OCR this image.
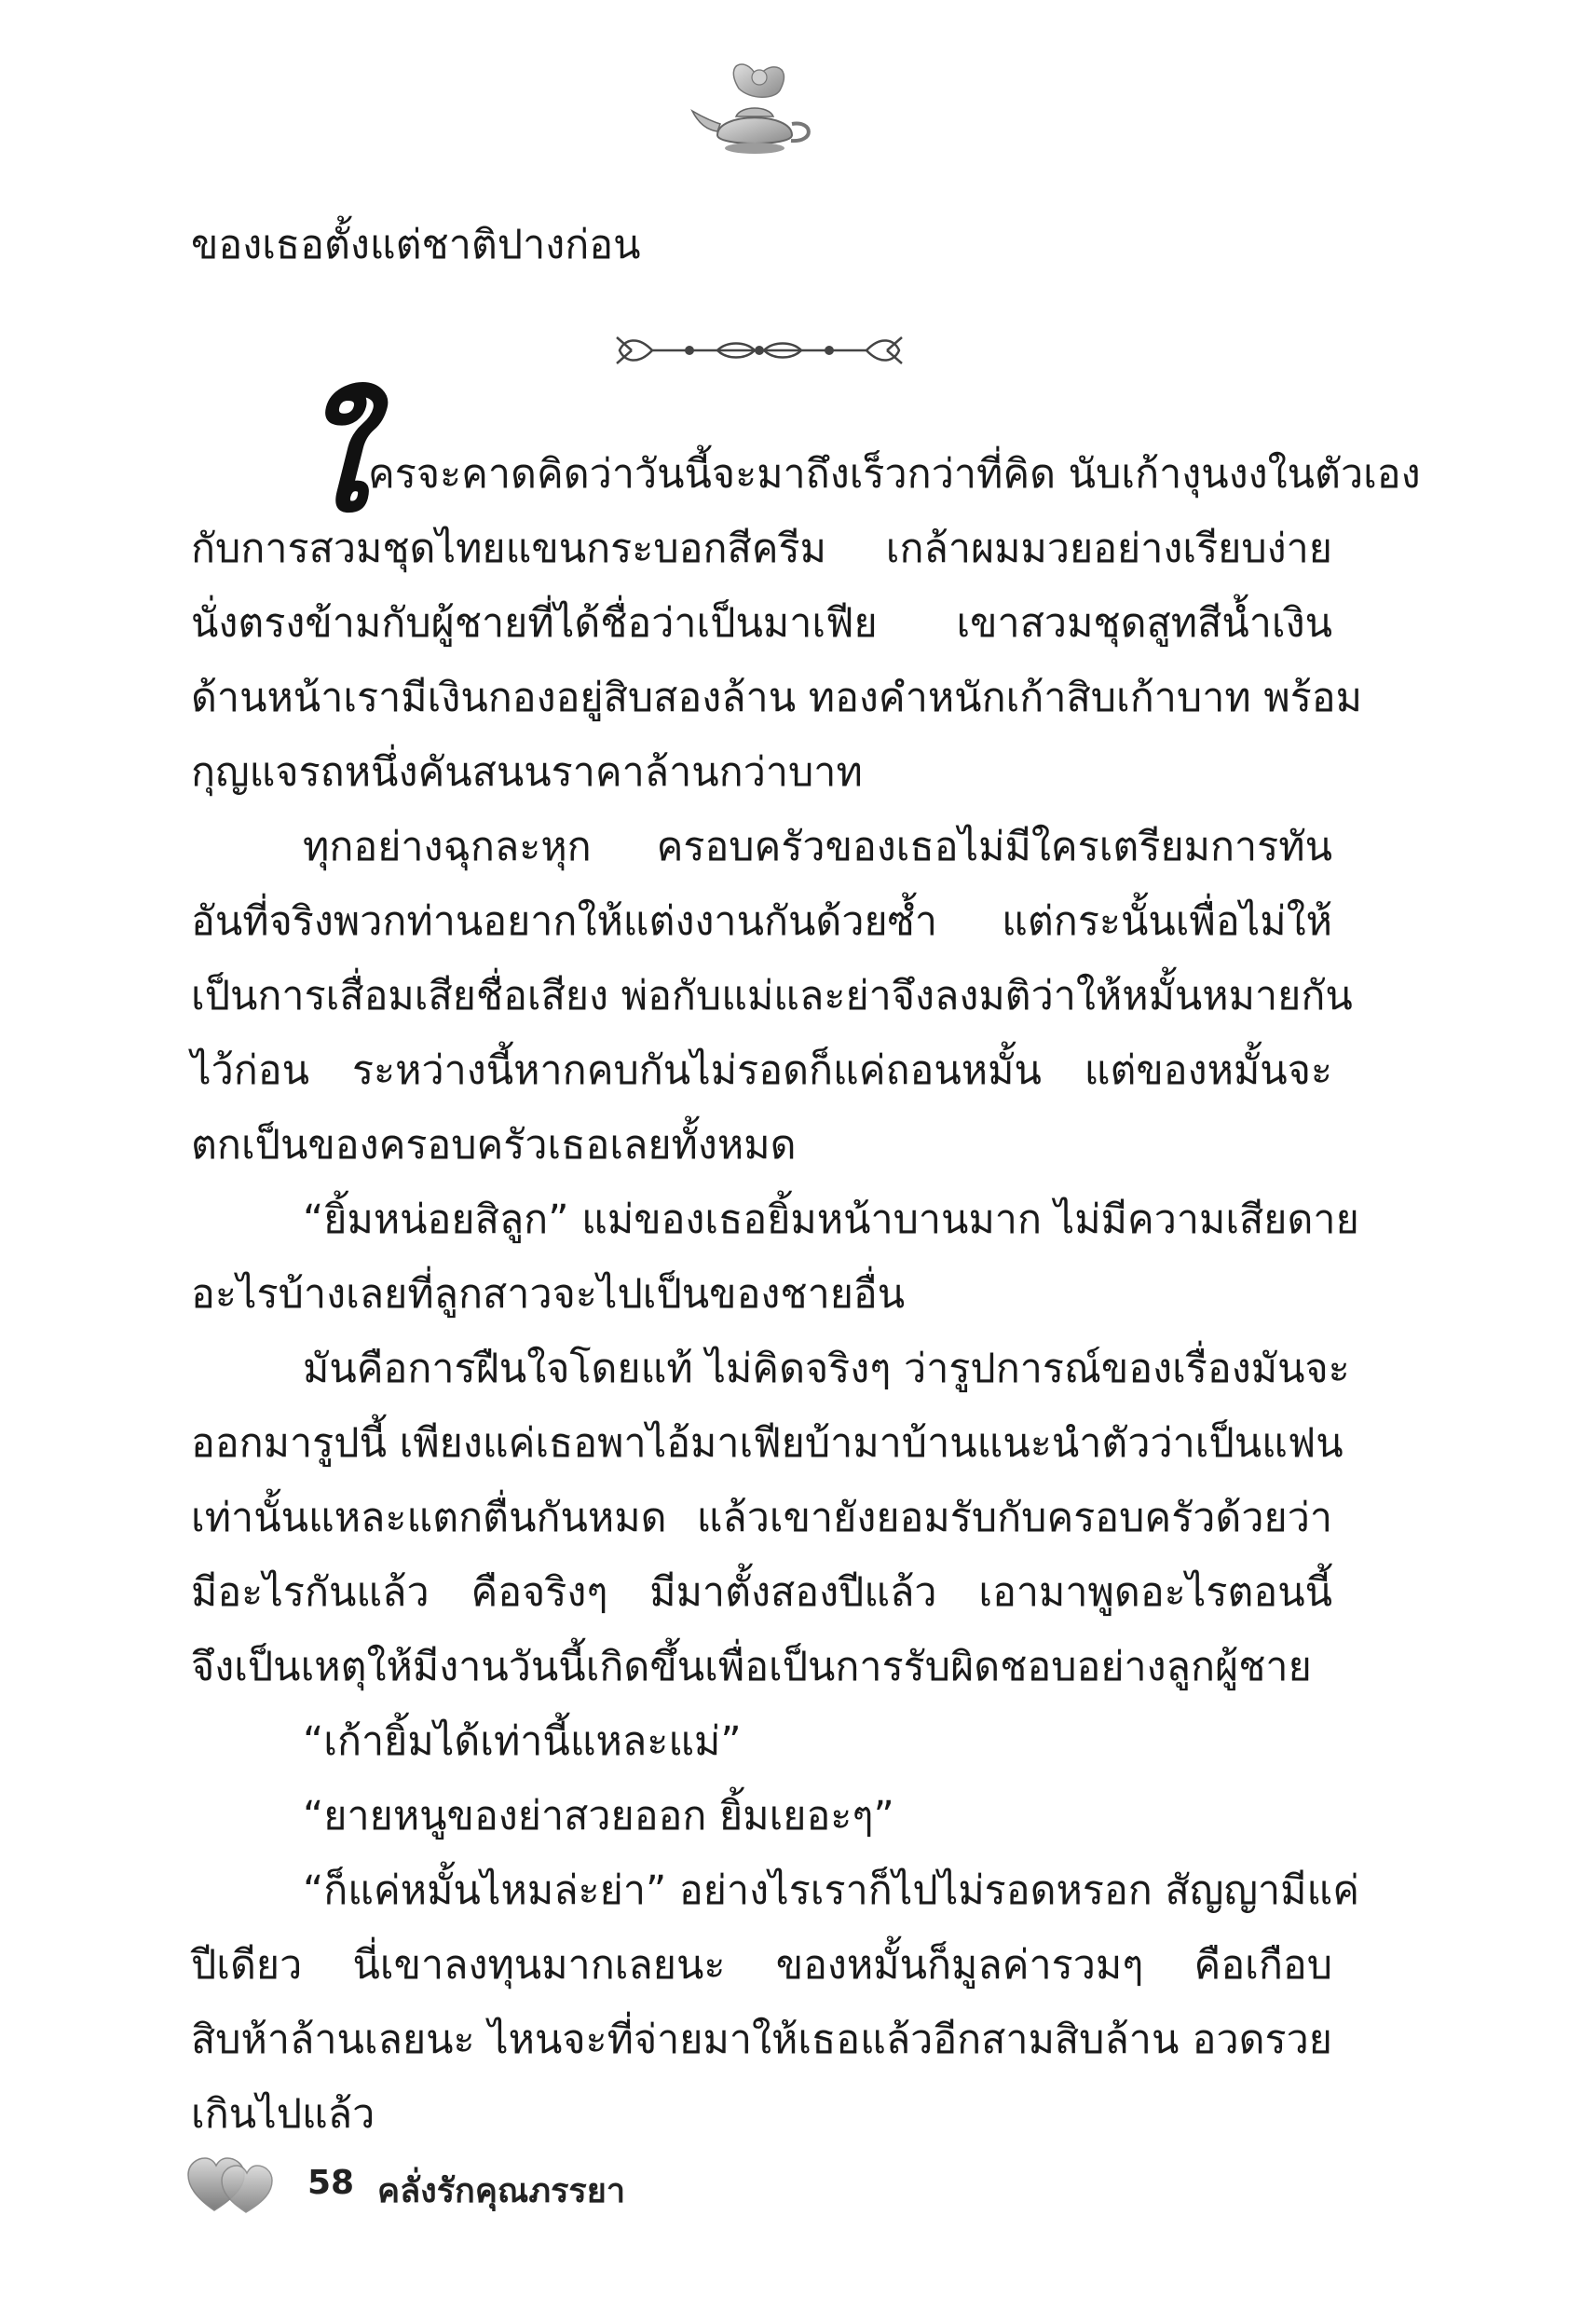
ของเธอตั้งแต่ชาติปางก่อน
ใ ครจะคาดคิดว่าวันนี้จะมาถึงเร็วกว่าที่คิด นับเก้างุนงงในตัวเอง
กับการสวมชุดไทยแขนกระบอกสีครีม เกล้าผมมวยอย่างเรียบง่าย
นั่งตรงข้ามกับผู้ชายที่ได้ชื่อว่าเป็นมาเฟีย เขาสวมชุดสูทสีน้ำเงิน
ด้านหน้าเรามีเงินกองอยู่สิบสองล้าน ทองคำหนักเก้าสิบเก้าบาท พร้อม
กุญแจรถหนึ่งคันสนนราคาล้านกว่าบาท
ทุกอย่างฉุกละหุก ครอบครัวของเธอไม่มีใครเตรียมการทัน
อันที่จริงพวกท่านอยากให้แต่งงานกันด้วยซ้ำ แต่กระนั้นเพื่อไม่ให้
เป็นการเสื่อมเสียชื่อเสียง พ่อกับแม่และย่าจึงลงมติว่าให้หมั้นหมายกัน
ไว้ก่อน ระหว่างนี้หากคบกันไม่รอดก็แค่ถอนหมั้น แต่ของหมั้นจะ
ตกเป็นของครอบครัวเธอเลยทั้งหมด
“ยิ้มหน่อยสิลูก” แม่ของเธอยิ้มหน้าบานมาก ไม่มีความเสียดาย
อะไรบ้างเลยที่ลูกสาวจะไปเป็นของชายอื่น
มันคือการฝืนใจโดยแท้ ไม่คิดจริงๆ ว่ารูปการณ์ของเรื่องมันจะ
ออกมารูปนี้ เพียงแค่เธอพาไอ้มาเฟียบ้ามาบ้านแนะนำตัวว่าเป็นแฟน
เท่านั้นแหละแตกตื่นกันหมด แล้วเขายังยอมรับกับครอบครัวด้วยว่า
มีอะไรกันแล้ว คือจริงๆ มีมาตั้งสองปีแล้ว เอามาพูดอะไรตอนนี้
จึงเป็นเหตุให้มีงานวันนี้เกิดขึ้นเพื่อเป็นการรับผิดชอบอย่างลูกผู้ชาย
“เก้ายิ้มได้เท่านี้แหละแม่”
“ยายหนูของย่าสวยออก ยิ้มเยอะๆ”
“ก็แค่หมั้นไหมล่ะย่า” อย่างไรเราก็ไปไม่รอดหรอก สัญญามีแค่
ปีเดียว นี่เขาลงทุนมากเลยนะ ของหมั้นก็มูลค่ารวมๆ คือเกือบ
สิบห้าล้านเลยนะ ไหนจะที่จ่ายมาให้เธอแล้วอีกสามสิบล้าน อวดรวย
เกินไปแล้ว
58 คลั่งรักคุณภรรยา
